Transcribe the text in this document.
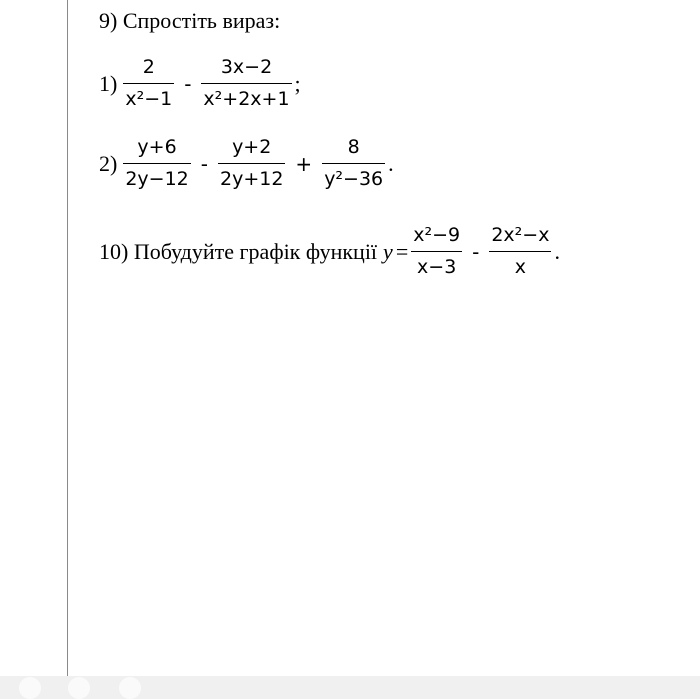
9) Спростіть вираз:
$1) \frac{2}{\text{x²−1}} - \frac{3x-2}{\text{x²+2x+1}}$ ;
$2) \frac{y+6}{2y-12} - \frac{y+2}{2y+12} + \frac{8}{\text{y²−36}}$ .
10) Побудуйте графік функції $y = \frac{\text{x²−9}}{x-3} - \frac{\text{2x²−x}}{x}$ .
